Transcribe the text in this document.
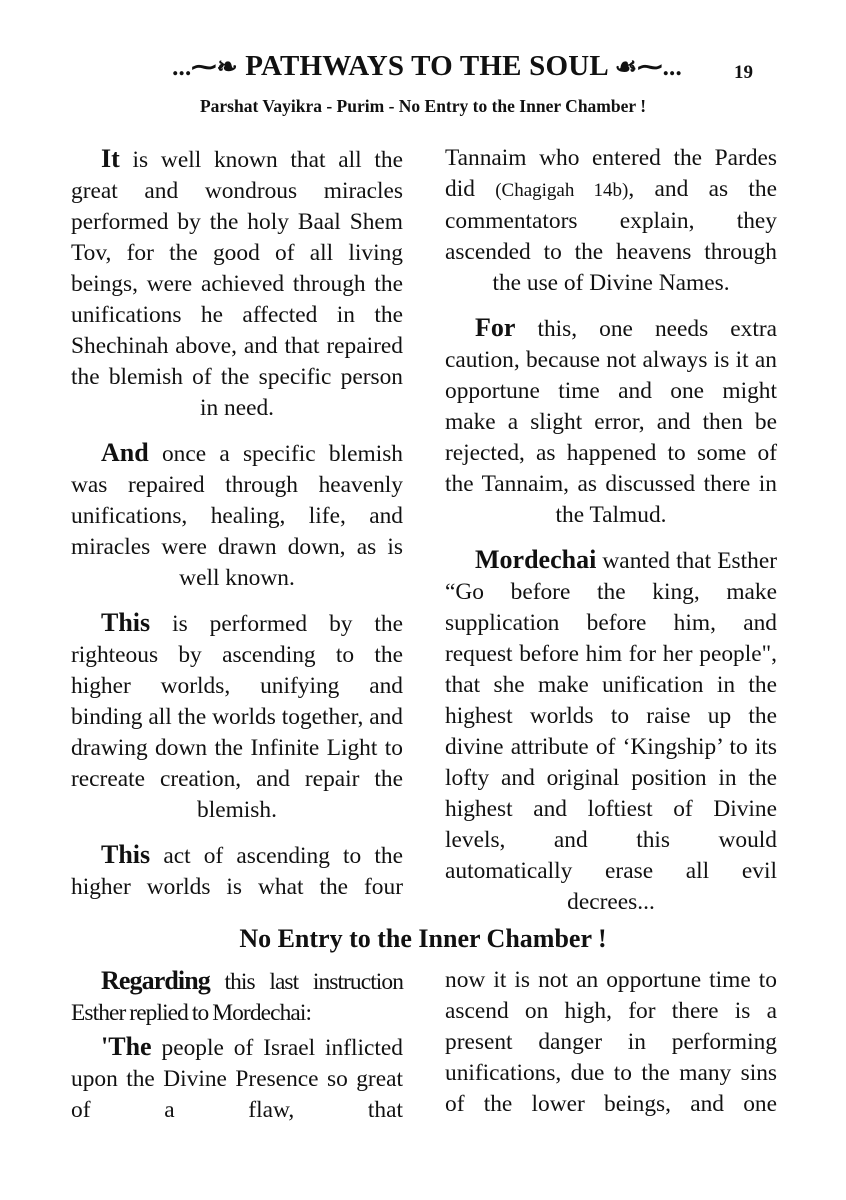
...⁓❧ PATHWAYS TO THE SOUL ☙⁓...	19
Parshat Vayikra - Purim - No Entry to the Inner Chamber !

It is well known that all the great and wondrous miracles performed by the holy Baal Shem Tov, for the good of all living beings, were achieved through the unifications he affected in the Shechinah above, and that repaired the blemish of the specific person in need.

And once a specific blemish was repaired through heavenly unifications, healing, life, and miracles were drawn down, as is well known.

This is performed by the righteous by ascending to the higher worlds, unifying and binding all the worlds together, and drawing down the Infinite Light to recreate creation, and repair the blemish.

This act of ascending to the higher worlds is what the four

Tannaim who entered the Pardes did (Chagigah 14b), and as the commentators explain, they ascended to the heavens through the use of Divine Names.

For this, one needs extra caution, because not always is it an opportune time and one might make a slight error, and then be rejected, as happened to some of the Tannaim, as discussed there in the Talmud.

Mordechai wanted that Esther “Go before the king, make supplication before him, and request before him for her people", that she make unification in the highest worlds to raise up the divine attribute of ‘Kingship’ to its lofty and original position in the highest and loftiest of Divine levels, and this would automatically erase all evil decrees...

No Entry to the Inner Chamber !

Regarding this last instruction Esther replied to Mordechai:

'The people of Israel inflicted upon the Divine Presence so great of a flaw, that

now it is not an opportune time to ascend on high, for there is a present danger in performing unifications, due to the many sins of the lower beings, and one
